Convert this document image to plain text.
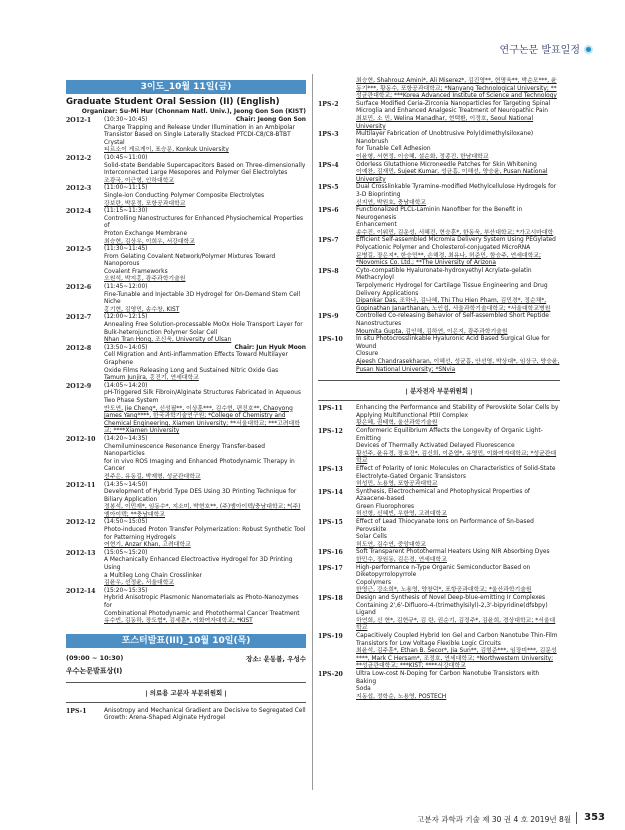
연구논문 발표일정
3이도_10월 11일(금)
Graduate Student Oral Session (II) (English)
Organizer: Su-Mi Hur (Chonnam Natl. Univ.), Jeong Gon Son (KIST)
2O12-1	(10:30~10:45)	Chair: Jeong Gon Son
Charge Trapping and Release Under Illumination in an Ambipolar
Transistor Based on Single Laterally Stacked PTCDI-C8/C8-BTBT Crystal
티르소이 게르게이, 표승문, Konkuk University
2O12-2	(10:45~11:00)
Solid-state Bendable Supercapacitors Based on Three-dimensionally
Interconnected Large Mesopores and Polymer Gel Electrolytes
조광국, 이근형, 인하대학교
2O12-3	(11:00~11:15)
Single-ion Conducting Polymer Composite Electrolytes
강보란, 박문정, 포항공과대학교
2O12-4	(11:15~11:30)
Controlling Nanostructures for Enhanced Physiochemical Properties of
Proton Exchange Membrane
최승현, 김상우, 이희우, 서강대학교
2O12-5	(11:30~11:45)
From Gelating Covalent Network/Polymer Mixtures Toward Nanoporous
Covalent Frameworks
오원석, 박지홍, 광주과학기술원
2O12-6	(11:45~12:00)
Fine-Tunable and Injectable 3D Hydrogel for On-Demand Stem Cell Niche
홍기현, 김영민, 송수창, KIST
2O12-7	(12:00~12:15)
Annealing Free Solution-processable MoOx Hole Transport Layer for
Bulk-heterojunction Polymer Solar Cell
Nhan Tran Hong, 조신욱, University of Ulsan
2O12-8	(13:50~14:05)	Chair: Jun Hyuk Moon
Cell Migration and Anti-inflammation Effects Toward Multilayer Graphene
Oxide Films Releasing Long and Sustained Nitric Oxide Gas
Tamum Junjira, 홍진기, 연세대학교
2O12-9	(14:05~14:20)
pH-Triggered Silk Fibroin/Alginate Structures Fabricated in Aqueous
Two Phase System
반도연, Jie Cheng*, 신성필**, 이상훈***, 김수현, 편진호**, Chaoyong James Yang****, 한국과학기술연구원; *College of Chemistry and Chemical Engineering, Xiamen University; **서울대학교; ***고려대학교; ****Xiamen University
2O12-10	(14:20~14:35)
Chemiluminescence Resonance Energy Transfer-based Nanoparticles
for in vivo ROS Imaging and Enhanced Photodynamic Therapy in Cancer
전주은, 유동길, 박재형, 성균관대학교
2O12-11	(14:35~14:50)
Development of Hybrid Type DES Using 3D Printing Technique for Biliary Application
정봉석, 이민재*, 임동수*, 지소미, 박현호**, (주)엠아이텍/충남대학교; *(주)엠아이텍; **충남대학교
2O12-12	(14:50~15:05)
Photo-induced Proton Transfer Polymerization: Robust Synthetic Tool
for Patterning Hydrogels
여현기, Anzar Khan, 고려대학교
2O12-13	(15:05~15:20)
A Mechanically Enhanced Electroactive Hydrogel for 3D Printing Using
a Multileg Long Chain Crosslinker
김윤우, 선정윤, 서울대학교
2O12-14	(15:20~15:35)
Hybrid Anisotropic Plasmonic Nanomaterials as Photo-Nanozymes for
Combinational Photodynamic and Photothermal Cancer Treatment
유수빈, 김동하, 장도협*, 김세훈*, 이화여자대학교; *KIST
포스터발표(III)_10월 10일(목)
(09:00 ~ 10:30)	장소: 운동볼, 우성수
우수논문발표상(I)
| 의료용 고분자 부문위원회 |
1PS-1	Anisotropy and Mechanical Gradient are Decisive to Segregated Cell
Growth: Arena-Shaped Alginate Hydrogel
최승현, Shahrouz Amini*, Ali Miserez*, 김진영**, 현명욱**, 박순모***, 윤동기***, 황동수, 포항공과대학교; *Nanyang Technological University; **성균관대학교; ***Korea Advanced Institute of Science and Technology
1PS-2	Surface Modified Ceria-Zirconia Nanoparticles for Targeting Spinal
Microglia and Enhanced Analgesic Treatment of Neuropathic Pain
최보민, 소 민, Welina Manadhar, 현택환, 이정호, Seoul National University
1PS-3	Multilayer Fabrication of Unobtrusive Poly(dimethylsiloxane) Nanobrush
for Tunable Cell Adhesion
이윤형, 서현정, 이승혜, 설순화, 정종진, 한남대학교
1PS-4	Odorless Glutathione Microneedle Patches for Skin Whitening
이예찬, 김재민, Sujeet Kumar, 성균흠, 이해선, 양승윤, Pusan National University
1PS-5	Dual Crosslinkable Tyramine-modified Methylcellulose Hydrogels for
3-D Bioprinting
신지연, 박원호, 충남대학교
1PS-6	Functionalized PLCL-Laminin Nanofiber for the Benefit in Neurogenesis
Enhancement
송수진, 이위민, 김운성, 서혜진, 현승훈*, 한동욱, 부산대학교; *가고시마대학
1PS-7	Efficient Self-assembled Micromia Delivery System Using PEGylated
Polycationic Polymer and Cholesterol-conjugated MicroRNA
문병길, 장은지*, 한승민**, 손해경, 최유나, 허준민, 함승주, 연세대학교; *Novomics Co. Ltd.; **The University of Arizona
1PS-8	Cyto-compatible Hyaluronate-hydroxyethyl Acrylate-gelatin Methacryloyl
Terpolymeric Hydrogel for Cartilage Tissue Engineering and Drug
Delivery Applications
Dipankar Das, 조하나, 김나혜, Thi Thu Hien Pham, 김민경*, 정순채*, Gopinathan Janarthanan, 노인섭, 서울과학기술대학교; *서울대학교병원
1PS-9	Controlled Co-releasing Behavior of Self-assembled Short Peptide
Nanostructures
Moumita Gupta, 김인해, 김하연, 이은지, 광주과학기술원
1PS-10	In situ Photocrosslinkable Hyaluronic Acid Based Surgical Glue for Wound
Closure
Ajeesh Chandrasekharan, 이혜선, 성균흠, 안선영, 박상대*, 임상구, 양승윤, Pusan National University; *SNvia
| 분자전자 부문위원회 |
1PS-11	Enhancing the Performance and Stability of Perovskite Solar Cells by
Applying Multifunctional PtIII Complex
황은혜, 권태혁, 울산과학기술원
1PS-12	Conformeric Equilibrium Affects the Longevity of Organic Light-Emitting
Devices of Thermally Activated Delayed Fluorescence
황선주, 윤유경, 장효진*, 김신희, 이준엽*, 유영민, 이화여자대학교; *성균관대학교
1PS-13	Effect of Polarity of Ionic Molecules on Characteristics of Solid-State
Electrolyte-Gated Organic Transistors
허성민, 노용영, 포항공과대학교
1PS-14	Synthesis, Electrochemical and Photophysical Properties of Azaacene-based
Green Fluorophores
허선형, 신혜빈, 우한영, 고려대학교
1PS-15	Effect of Lead Thiocyanate Ions on Performance of Sn-based Perovskite
Solar Cells
허도연, 김수연, 중앙대학교
1PS-16	Soft Transparent Photothermal Heaters Using NIR Absorbing Dyes
한민수, 장원동, 김은경, 연세대학교
1PS-17	High-performance n-Type Organic Semiconductor Based on Diketopyrrolopyrrole
Copolymers
한영근, 강소희*, 노용영, 양창덕*, 포항공과대학교; *울산과학기술원
1PS-18	Design and Synthesis of Novel Deep-blue-emitting Ir Complexes
Containing 2',6'-Difluoro-4-(trimethylsilyl)-2,3'-bipyridine(dfsbpy) Ligand
하연희, 신 현*, 김현규*, 김 란, 권순기, 김정주*, 김윤희, 경상대학교; *서울대학교
1PS-19	Capacitively Coupled Hybrid Ion Gel and Carbon Nanotube Thin-Film
Transistors for Low Voltage Flexible Logic Circuits
최윤석, 김주훈*, Ethan B. Secor*, Jia Sun**, 김형준***, 임장미***, 김문성****, Mark C Hersam*, 조정호, 연세대학교; *Northwestern University; **성균관대학교; ***KIST; ****서강대학교
1PS-20	Ultra Low-cost N-Doping for Carbon Nanotube Transistors with Baking
Soda
지동섭, 정학순, 노용영, POSTECH
고분자 과학과 기술 제 30 권 4 호 2019년 8월 353
